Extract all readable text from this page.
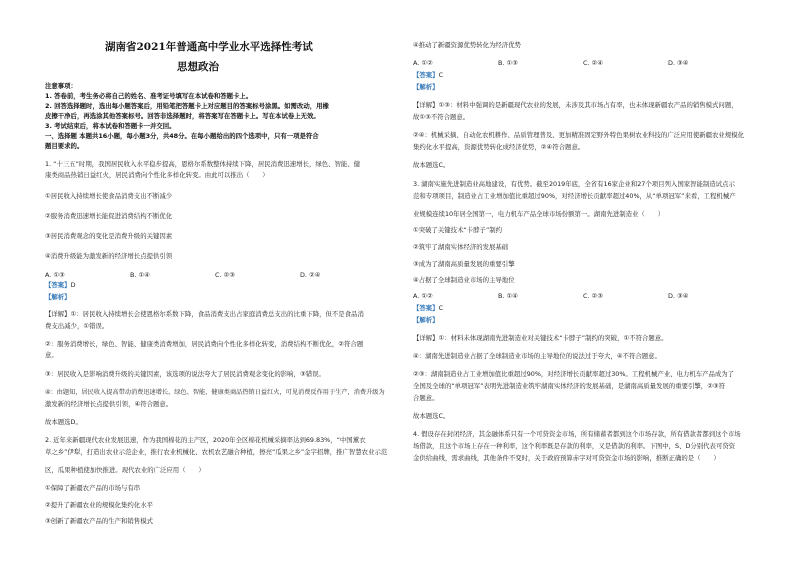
湖南省2021年普通高中学业水平选择性考试
思想政治
注意事项：
1. 答卷前，考生务必将自己的姓名、准考证号填写在本试卷和答题卡上。
2. 回答选择题时，选出每小题答案后，用铅笔把答题卡上对应题目的答案标号涂黑。如需改动，用橡
皮擦干净后，再选涂其他答案标号。回答非选择题时，将答案写在答题卡上。写在本试卷上无效。
3. 考试结束后，将本试卷和答题卡一并交回。
一、选择题 本题共16小题，每小题3分，共48分。在每小题给出的四个选项中，只有一项是符合
题目要求的。
1. “十三五”时期，我国居民收入水平稳步提高，恩格尔系数整体持续下降，居民消费迅速增长，绿色、智能、健
康类商品热销日益红火，居民消费向个性化多样化转变。由此可以推出（　　）
①居民收入持续增长使食品消费支出不断减少
②服务消费迅速增长能促进消费结构不断优化
③居民消费观念的变化是消费升级的关键因素
④消费升级能为激发新的经济增长点提供引领
A. ①③	B. ①④	C. ②③	D. ②④
【答案】D
【解析】
【详解】①：居民收入持续增长会使恩格尔系数下降，食品消费支出占家庭消费总支出的比重下降，但不是食品消
费支出减少，①错误。
②：服务消费增长，绿色、智能、健康类消费增加，居民消费向个性化多样化转变，消费结构不断优化，②符合题
意。
③：居民收入是影响消费升级的关键因素，该选项的说法夸大了居民消费观念变化的影响，③错误。
④：由题知，居民收入提高带动消费迅速增长，绿色、智能、健康类商品热销日益红火，可见消费反作用于生产，消费升级为
激发新的经济增长点提供引领，④符合题意。
故本题选D。
2. 近年来新疆现代农业发展迅速，作为我国棉花的主产区，2020年全区棉花机械采摘率达到69.83%，“中国薰衣
草之乡”伊犁，打造出农业示范企业，推行农业机械化、农机农艺融合种植，擦亮“瓜果之乡”金字招牌，推广智慧农业示范
区，瓜果种植使加快推进。现代农业的广泛应用（　　）
①保障了新疆农产品的市场与有串
②提升了新疆农业的规模化集约化水平
③创新了新疆农产品的生产和销售模式
④推动了新疆资源优势转化为经济优势
A. ①②	B. ①③	C. ②④	D. ③④
【答案】C
【解析】
【详解】①③：材料中强调的是新疆现代农业的发展，未涉及其市场占有率，也未体现新疆农产品的销售模式问题，
故①③不符合题意。
②④：机械采摘、自动化农机耕作、品质管理普及、更加精准固定野外特色果树农业科技的广泛应用使新疆农业规模化
集约化水平提高，资源优势转化成经济优势，②④符合题意。
故本题选C。
3. 湖南实施先进制造业高地建设，有优势。截至2019年底，全省有16家企业和27个项目列入国家智能制造试点示
范和专项项目，制造业占工业增加值比重超过90%，对经济增长贡献率超过40%，从“单项冠军”来看，工程机械产
业规模连续10年居全国第一，电力机车产品全球市场份额第一。湖南先进制造业（　　）
①突破了关键技术“卡脖子”制约
②筑牢了湖南实体经济的发展基础
③成为了湖南高质量发展的重要引擎
④占据了全球制造业市场的主导地位
A. ①②	B. ①④	C. ②③	D. ③④
【答案】C
【解析】
【详解】①：材料未体现湖南先进制造业对关键技术“卡脖子”制约的突破，①不符合题意。
④：湖南先进制造业占据了全球制造业市场的主导地位的说法过于夸大，④不符合题意。
②③：湖南制造业占工业增加值比重超过90%，对经济增长贡献率超过30%。工程机械产业、电力机车产品成为了
全国及全球的“单项冠军”表明先进制造业筑牢湖南实体经济的发展基础，是湖南高质量发展的重要引擎，②③符
合题意。
故本题选C。
4. 假设存在封闭经济，其金融体系只有一个可贷资金市场，所有储蓄者都到这个市场存款，所有借款者都到这个市场
场借款，且这个市场上存在一种利率，这个利率既是存款的利率，又是借款的利率。下图中，S、D分别代表可贷资
金供给曲线，需求曲线，其他条件不变时，关于政府预算赤字对可贷资金市场的影响，推断正确的是（　　）
